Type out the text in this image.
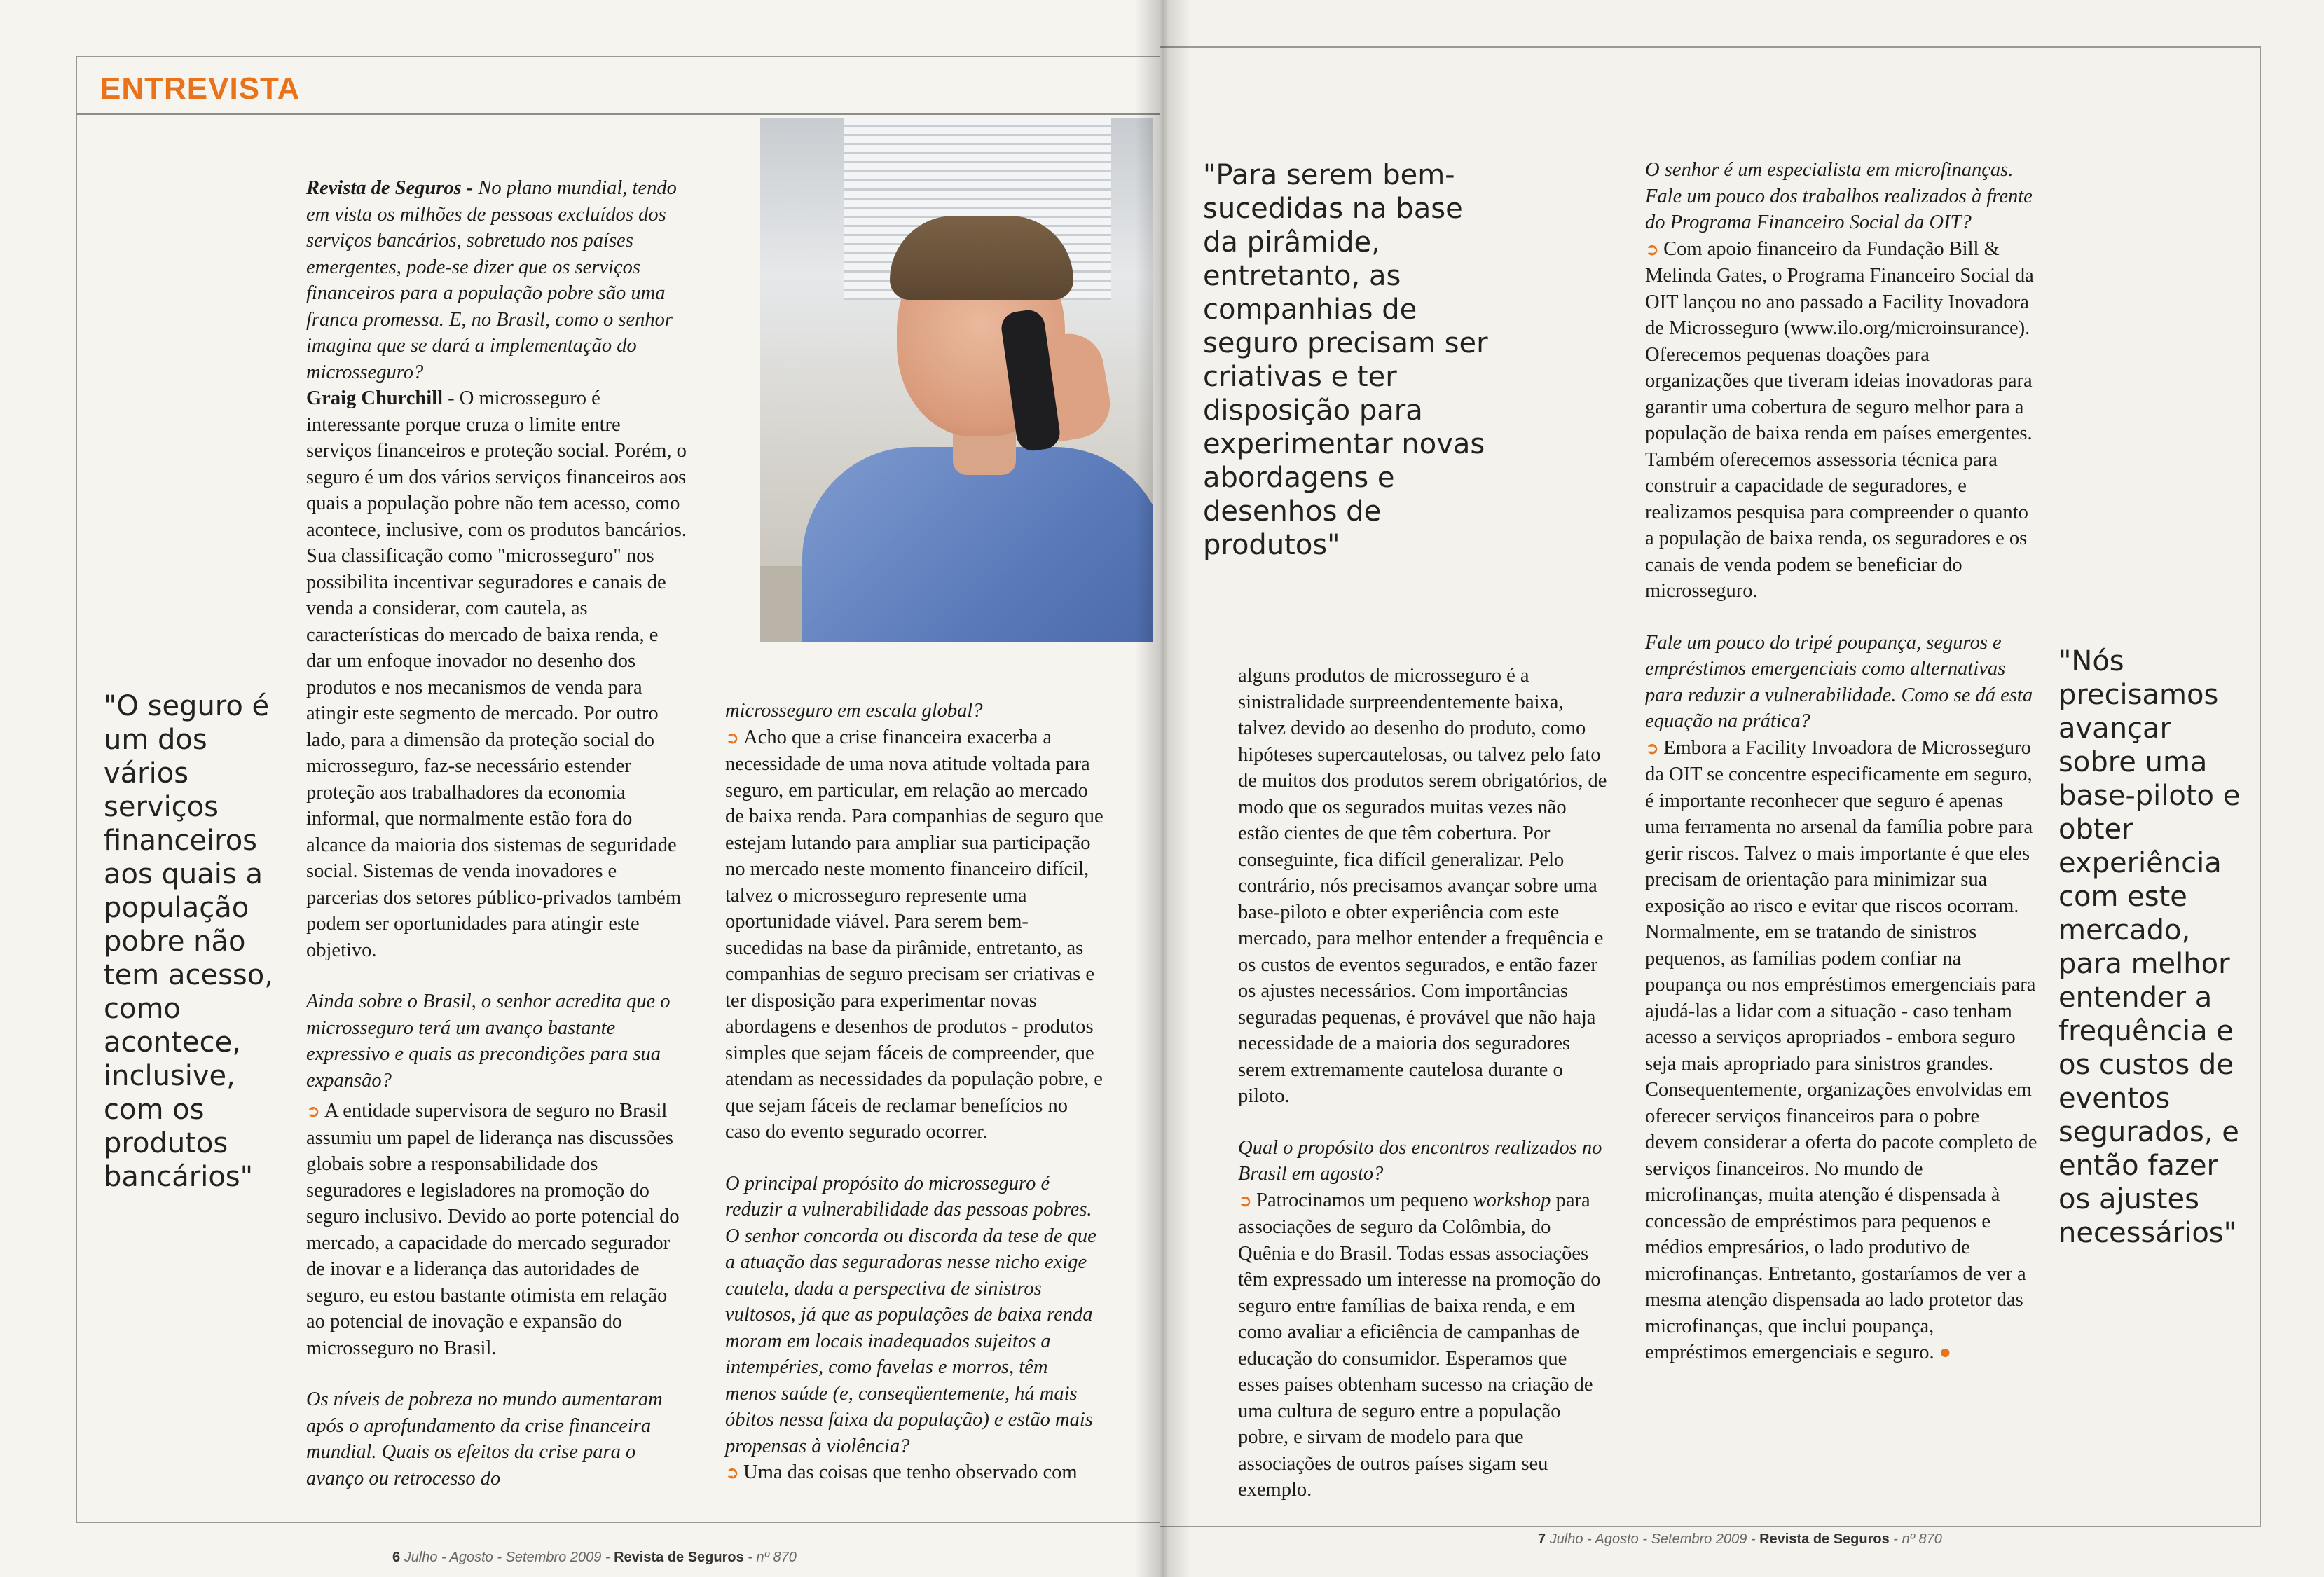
ENTREVISTA

Revista de Seguros - No plano mundial, tendo em vista os milhões de pessoas excluídos dos serviços bancários, sobretudo nos países emergentes, pode-se dizer que os serviços financeiros para a população pobre são uma franca promessa. E, no Brasil, como o senhor imagina que se dará a implementação do microsseguro?
Graig Churchill - O microsseguro é interessante porque cruza o limite entre serviços financeiros e proteção social. Porém, o seguro é um dos vários serviços financeiros aos quais a população pobre não tem acesso, como acontece, inclusive, com os produtos bancários. Sua classificação como "microsseguro" nos possibilita incentivar seguradores e canais de venda a considerar, com cautela, as características do mercado de baixa renda, e dar um enfoque inovador no desenho dos produtos e nos mecanismos de venda para atingir este segmento de mercado. Por outro lado, para a dimensão da proteção social do microsseguro, faz-se necessário estender proteção aos trabalhadores da economia informal, que normalmente estão fora do alcance da maioria dos sistemas de seguridade social. Sistemas de venda inovadores e parcerias dos setores público-privados também podem ser oportunidades para atingir este objetivo.

Ainda sobre o Brasil, o senhor acredita que o microsseguro terá um avanço bastante expressivo e quais as precondições para sua expansão?

➲ A entidade supervisora de seguro no Brasil assumiu um papel de liderança nas discussões globais sobre a responsabilidade dos seguradores e legisladores na promoção do seguro inclusivo. Devido ao porte potencial do mercado, a capacidade do mercado segurador de inovar e a liderança das autoridades de seguro, eu estou bastante otimista em relação ao potencial de inovação e expansão do microsseguro no Brasil.

Os níveis de pobreza no mundo aumentaram após o aprofundamento da crise financeira mundial. Quais os efeitos da crise para o avanço ou retrocesso do

microsseguro em escala global?

➲ Acho que a crise financeira exacerba a necessidade de uma nova atitude voltada para seguro, em particular, em relação ao mercado de baixa renda. Para companhias de seguro que estejam lutando para ampliar sua participação no mercado neste momento financeiro difícil, talvez o microsseguro represente uma oportunidade viável. Para serem bem-sucedidas na base da pirâmide, entretanto, as companhias de seguro precisam ser criativas e ter disposição para experimentar novas abordagens e desenhos de produtos - produtos simples que sejam fáceis de compreender, que atendam as necessidades da população pobre, e que sejam fáceis de reclamar benefícios no caso do evento segurado ocorrer.

O principal propósito do microsseguro é reduzir a vulnerabilidade das pessoas pobres. O senhor concorda ou discorda da tese de que a atuação das seguradoras nesse nicho exige cautela, dada a perspectiva de sinistros vultosos, já que as populações de baixa renda moram em locais inadequados sujeitos a intempéries, como favelas e morros, têm menos saúde (e, conseqüentemente, há mais óbitos nessa faixa da população) e estão mais propensas à violência?

➲ Uma das coisas que tenho observado com

"O seguro é um dos vários serviços financeiros aos quais a população pobre não tem acesso, como acontece, inclusive, com os produtos bancários"
6 Julho - Agosto - Setembro 2009 - Revista de Seguros - nº 870
"Para serem bem-sucedidas na base da pirâmide, entretanto, as companhias de seguro precisam ser criativas e ter disposição para experimentar novas abordagens e desenhos de produtos"

alguns produtos de microsseguro é a sinistralidade surpreendentemente baixa, talvez devido ao desenho do produto, como hipóteses supercautelosas, ou talvez pelo fato de muitos dos produtos serem obrigatórios, de modo que os segurados muitas vezes não estão cientes de que têm cobertura. Por conseguinte, fica difícil generalizar. Pelo contrário, nós precisamos avançar sobre uma base-piloto e obter experiência com este mercado, para melhor entender a frequência e os custos de eventos segurados, e então fazer os ajustes necessários. Com importâncias seguradas pequenas, é provável que não haja necessidade de a maioria dos seguradores serem extremamente cautelosa durante o piloto.

Qual o propósito dos encontros realizados no Brasil em agosto?

➲ Patrocinamos um pequeno workshop para associações de seguro da Colômbia, do Quênia e do Brasil. Todas essas associações têm expressado um interesse na promoção do seguro entre famílias de baixa renda, e em como avaliar a eficiência de campanhas de educação do consumidor. Esperamos que esses países obtenham sucesso na criação de uma cultura de seguro entre a população pobre, e sirvam de modelo para que associações de outros países sigam seu exemplo.

O senhor é um especialista em microfinanças. Fale um pouco dos trabalhos realizados à frente do Programa Financeiro Social da OIT?

➲ Com apoio financeiro da Fundação Bill & Melinda Gates, o Programa Financeiro Social da OIT lançou no ano passado a Facility Inovadora de Microsseguro (www.ilo.org/microinsurance). Oferecemos pequenas doações para organizações que tiveram ideias inovadoras para garantir uma cobertura de seguro melhor para a população de baixa renda em países emergentes. Também oferecemos assessoria técnica para construir a capacidade de seguradores, e realizamos pesquisa para compreender o quanto a população de baixa renda, os seguradores e os canais de venda podem se beneficiar do microsseguro.

Fale um pouco do tripé poupança, seguros e empréstimos emergenciais como alternativas para reduzir a vulnerabilidade. Como se dá esta equação na prática?

➲ Embora a Facility Invoadora de Microsseguro da OIT se concentre especificamente em seguro, é importante reconhecer que seguro é apenas uma ferramenta no arsenal da família pobre para gerir riscos. Talvez o mais importante é que eles precisam de orientação para minimizar sua exposição ao risco e evitar que riscos ocorram. Normalmente, em se tratando de sinistros pequenos, as famílias podem confiar na poupança ou nos empréstimos emergenciais para ajudá-las a lidar com a situação - caso tenham acesso a serviços apropriados - embora seguro seja mais apropriado para sinistros grandes. Consequentemente, organizações envolvidas em oferecer serviços financeiros para o pobre devem considerar a oferta do pacote completo de serviços financeiros. No mundo de microfinanças, muita atenção é dispensada à concessão de empréstimos para pequenos e médios empresários, o lado produtivo de microfinanças. Entretanto, gostaríamos de ver a mesma atenção dispensada ao lado protetor das microfinanças, que inclui poupança, empréstimos emergenciais e seguro. ●

"Nós precisamos avançar sobre uma base-piloto e obter experiência com este mercado, para melhor entender a frequência e os custos de eventos segurados, e então fazer os ajustes necessários"
7 Julho - Agosto - Setembro 2009 - Revista de Seguros - nº 870
